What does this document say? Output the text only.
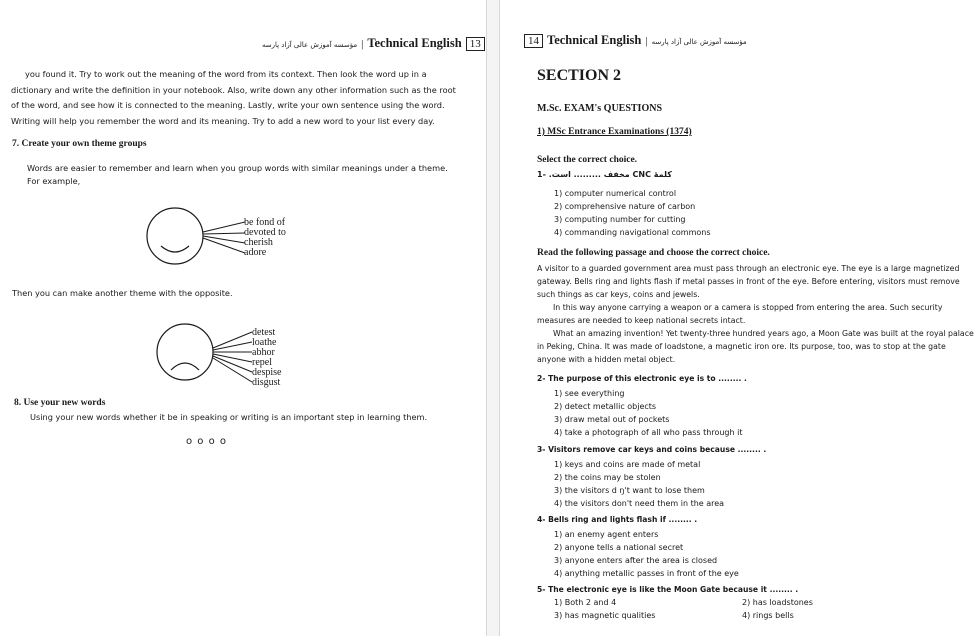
مؤسسه آموزش عالی آزاد پارسه | Technical English 13
you found it. Try to work out the meaning of the word from its context. Then look the word up in a
dictionary and write the definition in your notebook. Also, write down any other information such as the root
of the word, and see how it is connected to the meaning. Lastly, write your own sentence using the word.
Writing will help you remember the word and its meaning. Try to add a new word to your list every day.
7. Create your own theme groups
Words are easier to remember and learn when you group words with similar meanings under a theme.
For example,
be fond of
devoted to
cherish
adore
Then you can make another theme with the opposite.
detest
loathe
abhor
repel
despise
disgust
8. Use your new words
Using your new words whether it be in speaking or writing is an important step in learning them.
o o o o
14 Technical English | مؤسسه آموزش عالی آزاد پارسه
SECTION 2
M.Sc. EXAM's QUESTIONS
1) MSc Entrance Examinations (1374)
Select the correct choice.
1- کلمهٔ CNC مخفف ......... است.
1) computer numerical control
2) comprehensive nature of carbon
3) computing number for cutting
4) commanding navigational commons
Read the following passage and choose the correct choice.
A visitor to a guarded government area must pass through an electronic eye. The eye is a large magnetized
gateway. Bells ring and lights flash if metal passes in front of the eye. Before entering, visitors must remove
such things as car keys, coins and jewels.
In this way anyone carrying a weapon or a camera is stopped from entering the area. Such security
measures are needed to keep national secrets intact.
What an amazing invention! Yet twenty-three hundred years ago, a Moon Gate was built at the royal palace
in Peking, China. It was made of loadstone, a magnetic iron ore. Its purpose, too, was to stop at the gate
anyone with a hidden metal object.
2- The purpose of this electronic eye is to ........ .
1) see everything
2) detect metallic objects
3) draw metal out of pockets
4) take a photograph of all who pass through it
3- Visitors remove car keys and coins because ........ .
1) keys and coins are made of metal
2) the coins may be stolen
3) the visitors d ŋ't want to lose them
4) the visitors don't need them in the area
4- Bells ring and lights flash if ........ .
1) an enemy agent enters
2) anyone tells a national secret
3) anyone enters after the area is closed
4) anything metallic passes in front of the eye
5- The electronic eye is like the Moon Gate because it ........ .
1) Both 2 and 4	2) has loadstones
3) has magnetic qualities	4) rings bells
